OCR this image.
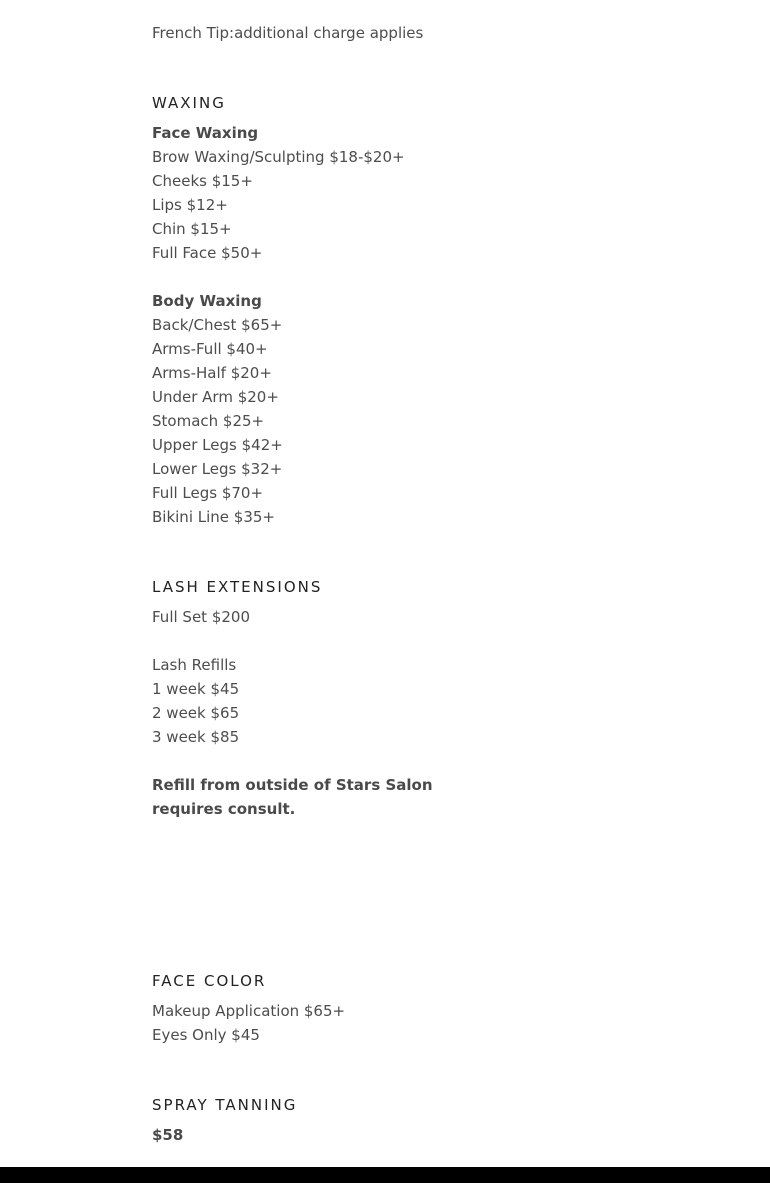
French Tip:additional charge applies
WAXING
Face Waxing
Brow Waxing/Sculpting $18-$20+
Cheeks $15+
Lips $12+
Chin $15+
Full Face $50+
Body Waxing
Back/Chest $65+
Arms-Full $40+
Arms-Half $20+
Under Arm $20+
Stomach $25+
Upper Legs $42+
Lower Legs $32+
Full Legs $70+
Bikini Line $35+
LASH EXTENSIONS
Full Set $200
Lash Refills
1 week $45
2 week $65
3 week $85
Refill from outside of Stars Salon requires consult.
FACE COLOR
Makeup Application $65+
Eyes Only $45
SPRAY TANNING
$58
